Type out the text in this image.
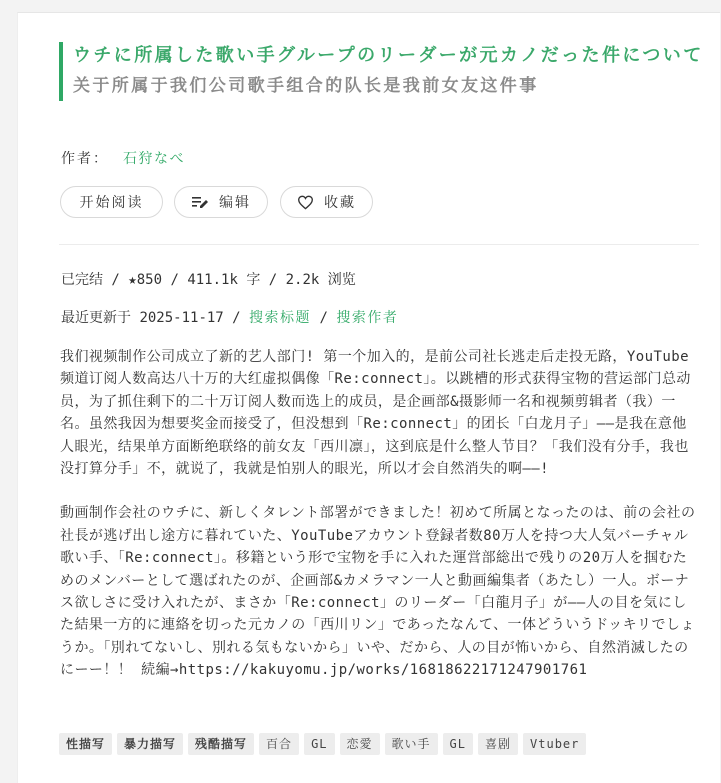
ウチに所属した歌い手グループのリーダーが元カノだった件について
关于所属于我们公司歌手组合的队长是我前女友这件事
作者： 石狩なべ
开始阅读	编辑	收藏
已完结 / ★850 / 411.1k 字 / 2.2k 浏览
最近更新于 2025-11-17 / 搜索标题 / 搜索作者

我们视频制作公司成立了新的艺人部门! 第一个加入的，是前公司社长逃走后走投无路，YouTube频道订阅人数高达八十万的大红虚拟偶像「Re:connect」。以跳槽的形式获得宝物的营运部门总动员，为了抓住剩下的二十万订阅人数而选上的成员，是企画部&摄影师一名和视频剪辑者（我）一名。虽然我因为想要奖金而接受了，但没想到「Re:connect」的团长「白龙月子」——是我在意他人眼光，结果单方面断绝联络的前女友「西川凛」，这到底是什么整人节目？「我们没有分手，我也没打算分手」不，就说了，我就是怕别人的眼光，所以才会自然消失的啊——!

動画制作会社のウチに、新しくタレント部署ができました！初めて所属となったのは、前の会社の社長が逃げ出し途方に暮れていた、YouTubeアカウント登録者数80万人を持つ大人気バーチャル歌い手、「Re:connect」。移籍という形で宝物を手に入れた運営部総出で残りの20万人を掴むためのメンバーとして選ばれたのが、企画部&カメラマン一人と動画編集者（あたし）一人。ボーナス欲しさに受け入れたが、まさか「Re:connect」のリーダー「白龍月子」が——人の目を気にした結果一方的に連絡を切った元カノの「西川リン」であったなんて、一体どういうドッキリでしょうか。「別れてないし、別れる気もないから」いや、だから、人の目が怖いから、自然消滅したのにーー！！ 続編→https://kakuyomu.jp/works/16818622171247901761

性描写	暴力描写	残酷描写	百合	GL	恋愛	歌い手	GL	喜剧	Vtuber
